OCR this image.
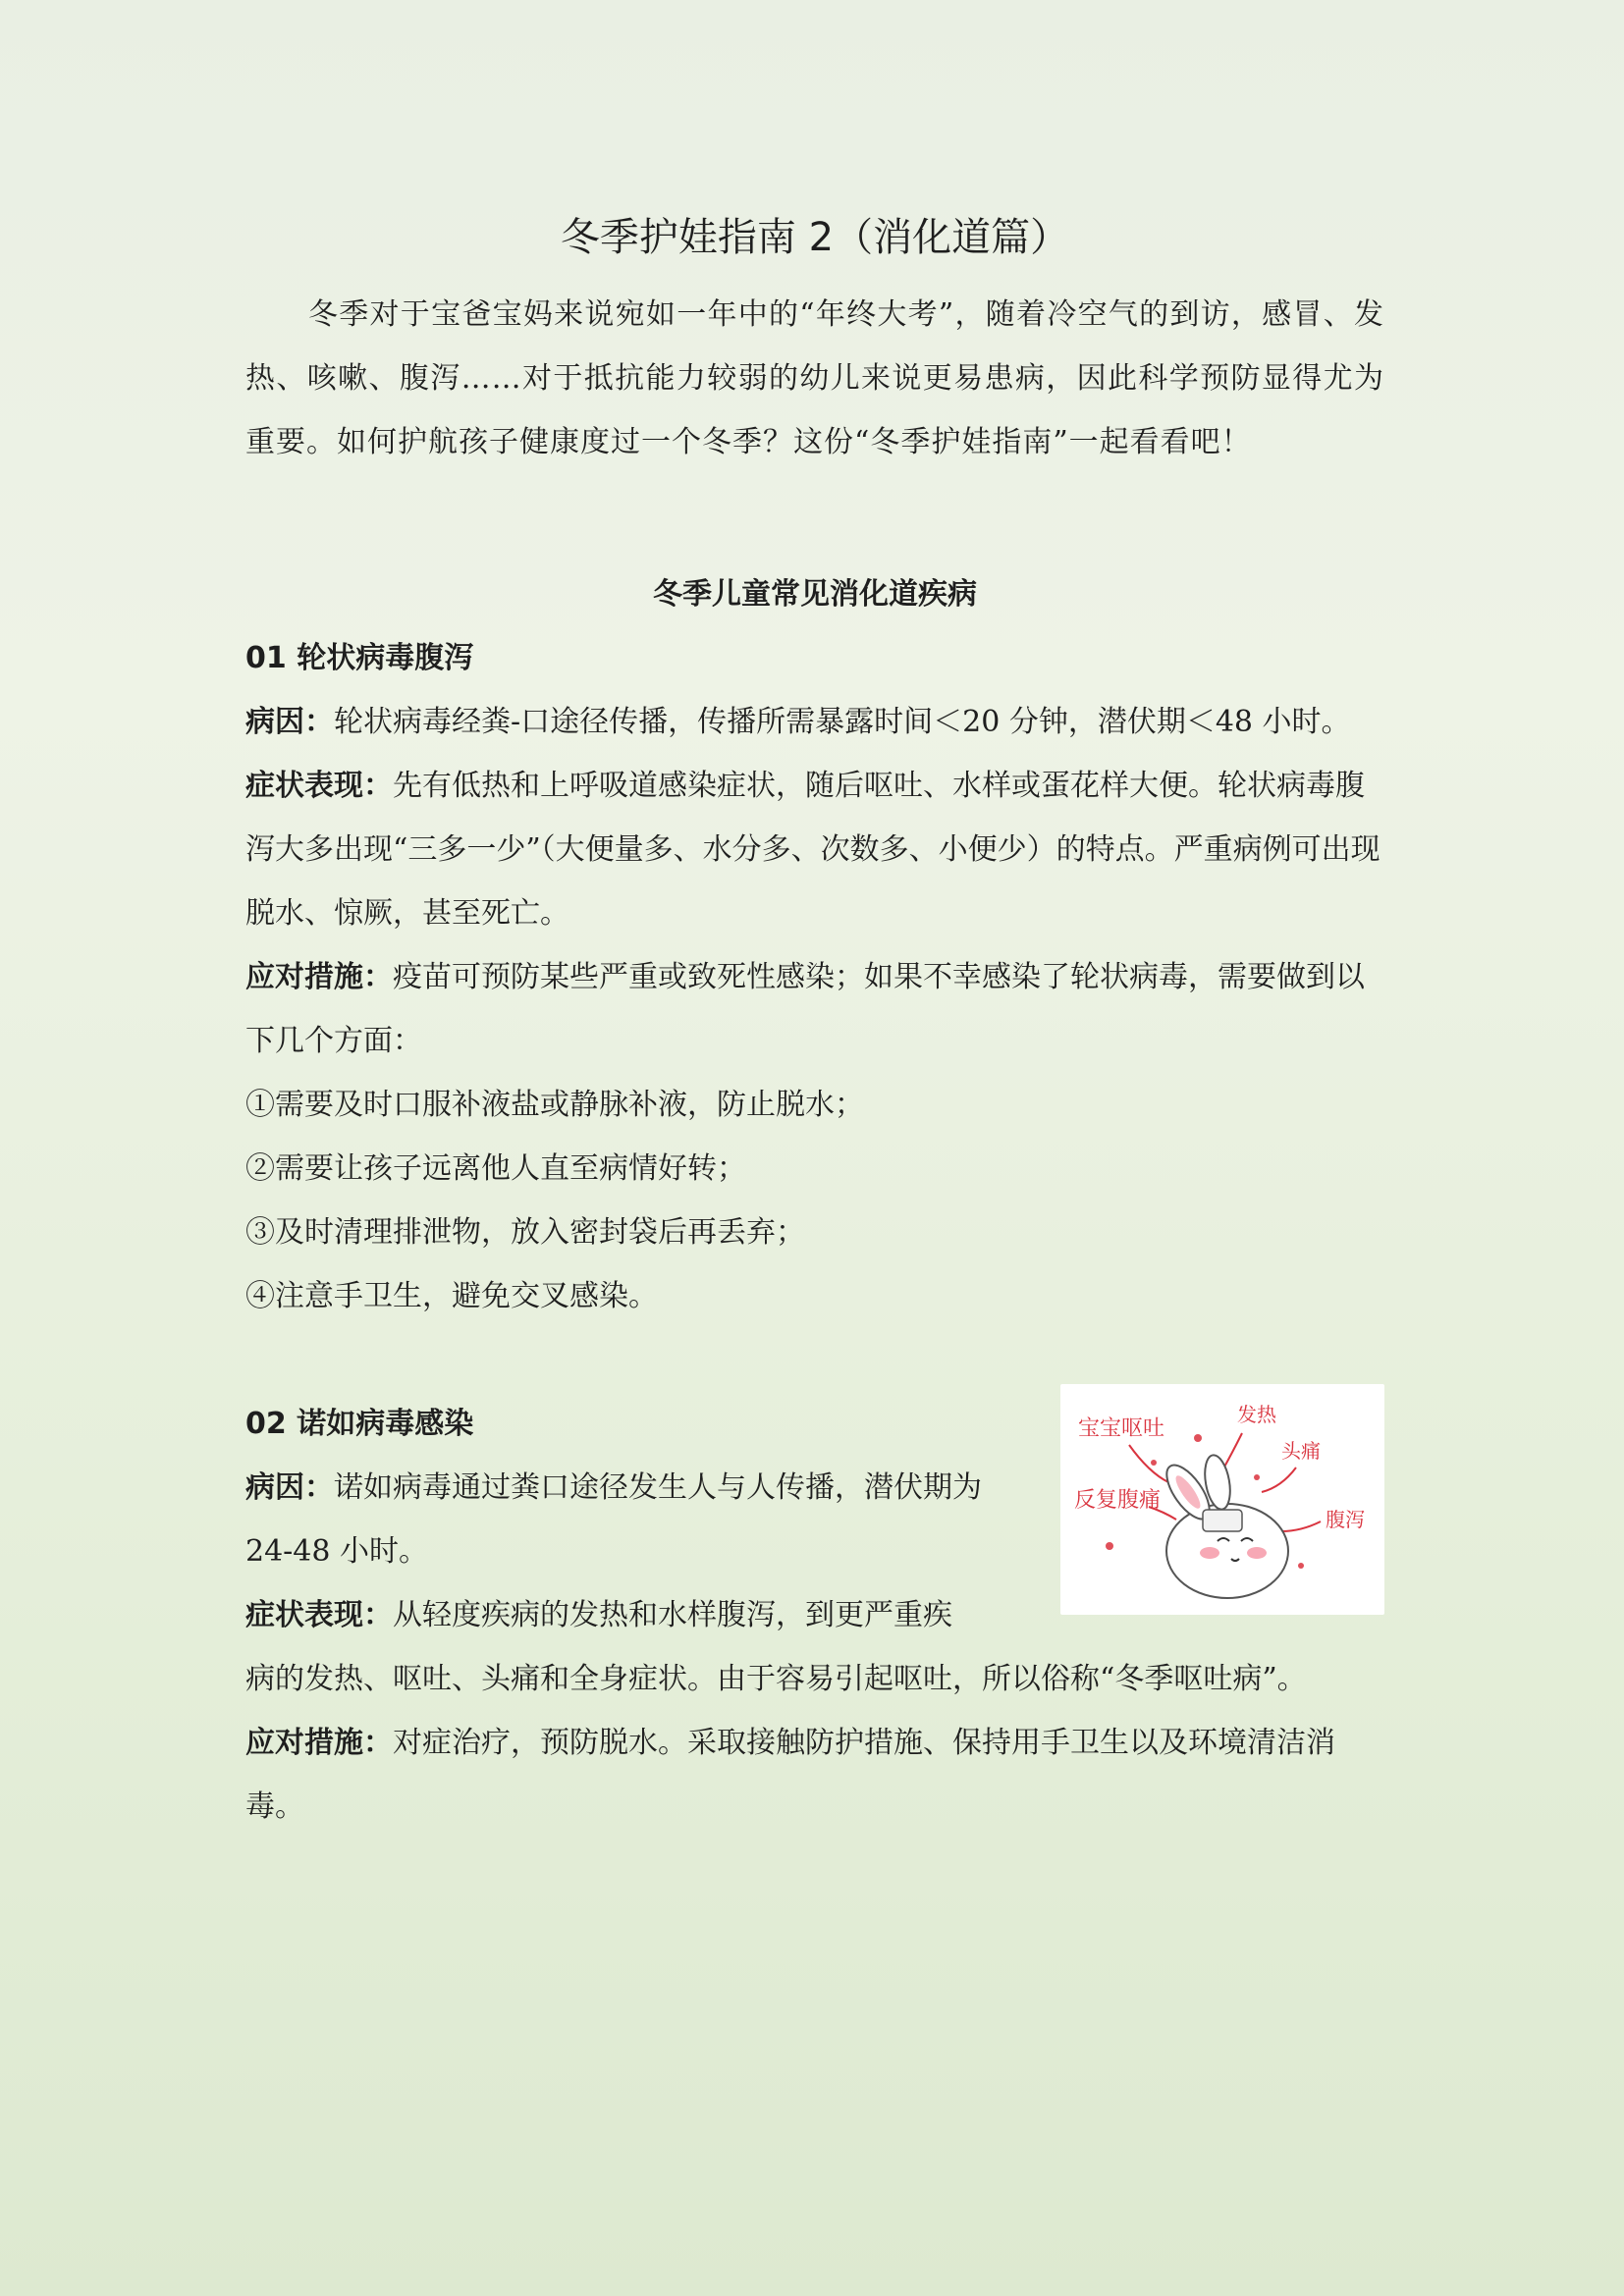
冬季护娃指南 2（消化道篇）

冬季对于宝爸宝妈来说宛如一年中的“年终大考”，随着冷空气的到访，感冒、发热、咳嗽、腹泻……对于抵抗能力较弱的幼儿来说更易患病，因此科学预防显得尤为重要。如何护航孩子健康度过一个冬季？这份“冬季护娃指南”一起看看吧！

冬季儿童常见消化道疾病
01 轮状病毒腹泻

病因：轮状病毒经粪-口途径传播，传播所需暴露时间＜20 分钟，潜伏期＜48 小时。

症状表现：先有低热和上呼吸道感染症状，随后呕吐、水样或蛋花样大便。轮状病毒腹泻大多出现“三多一少”（大便量多、水分多、次数多、小便少）的特点。严重病例可出现脱水、惊厥，甚至死亡。

应对措施：疫苗可预防某些严重或致死性感染；如果不幸感染了轮状病毒，需要做到以下几个方面：

①需要及时口服补液盐或静脉补液，防止脱水；

②需要让孩子远离他人直至病情好转；

③及时清理排泄物，放入密封袋后再丢弃；

④注意手卫生，避免交叉感染。

宝宝呕吐
发热
头痛
反复腹痛
腹泻
02 诺如病毒感染

病因：诺如病毒通过粪口途径发生人与人传播，潜伏期为 24-48 小时。

症状表现：从轻度疾病的发热和水样腹泻，到更严重疾

病的发热、呕吐、头痛和全身症状。由于容易引起呕吐，所以俗称“冬季呕吐病”。

应对措施：对症治疗，预防脱水。采取接触防护措施、保持用手卫生以及环境清洁消毒。
